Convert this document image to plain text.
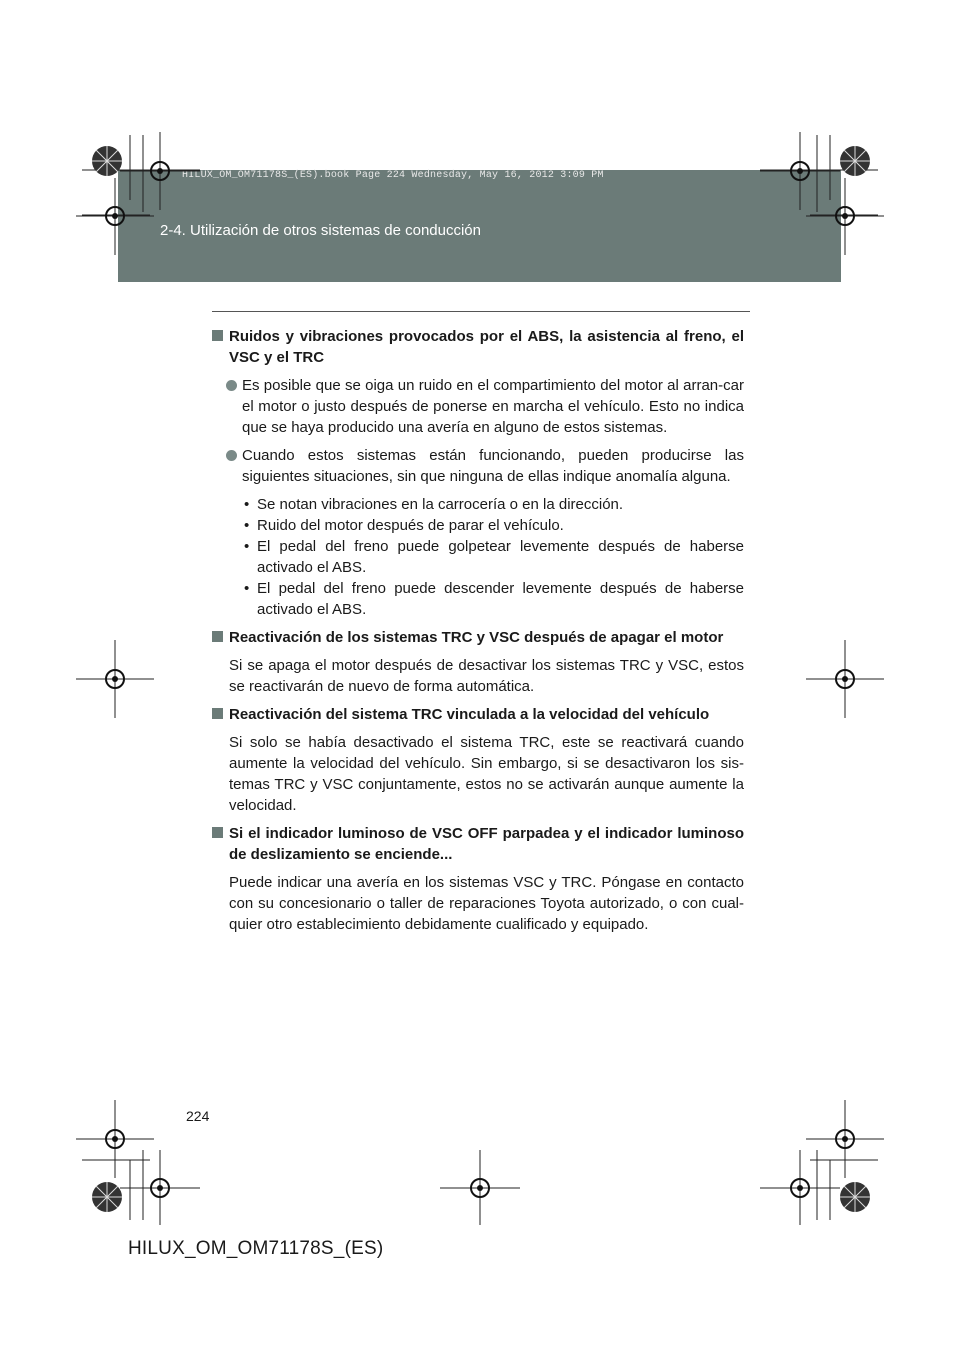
HILUX_OM_OM71178S_(ES).book Page 224 Wednesday, May 16, 2012 3:09 PM
2-4. Utilización de otros sistemas de conducción
Ruidos y vibraciones provocados por el ABS, la asistencia al freno, el VSC y el TRC
Es posible que se oiga un ruido en el compartimiento del motor al arran-car el motor o justo después de ponerse en marcha el vehículo. Esto no indica que se haya producido una avería en alguno de estos sistemas.
Cuando estos sistemas están funcionando, pueden producirse las siguientes situaciones, sin que ninguna de ellas indique anomalía alguna.
• Se notan vibraciones en la carrocería o en la dirección.
• Ruido del motor después de parar el vehículo.
• El pedal del freno puede golpetear levemente después de haberse activado el ABS.
• El pedal del freno puede descender levemente después de haberse activado el ABS.
Reactivación de los sistemas TRC y VSC después de apagar el motor
Si se apaga el motor después de desactivar los sistemas TRC y VSC, estos se reactivarán de nuevo de forma automática.
Reactivación del sistema TRC vinculada a la velocidad del vehículo
Si solo se había desactivado el sistema TRC, este se reactivará cuando aumente la velocidad del vehículo. Sin embargo, si se desactivaron los sis-temas TRC y VSC conjuntamente, estos no se activarán aunque aumente la velocidad.
Si el indicador luminoso de VSC OFF parpadea y el indicador luminoso de deslizamiento se enciende...
Puede indicar una avería en los sistemas VSC y TRC. Póngase en contacto con su concesionario o taller de reparaciones Toyota autorizado, o con cual-quier otro establecimiento debidamente cualificado y equipado.
224
HILUX_OM_OM71178S_(ES)
